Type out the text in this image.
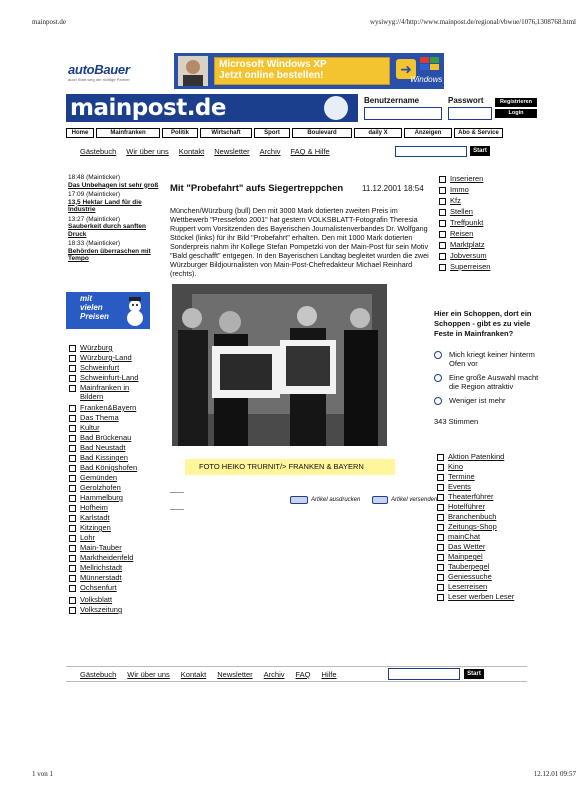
mainpost.de	wysiwyg://4/http://www.mainpost.de/regional/vbwue/1076,1308768.html
autoBauer
auch Start weg der richtige Partner
Microsoft Windows XP
Jetzt online bestellen!	➜
Windows
mainpost.de	Benutzername	Passwort	Registrieren
Login
Home	Mainfranken	Politik	Wirtschaft	Sport	Boulevard	daily X	Anzeigen	Abo & Service
Gästebuch Wir über uns Kontakt Newsletter Archiv FAQ & Hilfe	Start
18:48 (Mainticker)
Das Unbehagen ist sehr groß
17:09 (Mainticker)
13,5 Hektar Land für die Industrie
13:27 (Mainticker)
Sauberkeit durch sanften Druck
18:33 (Mainticker)
Behörden überraschen mit Tempo
mit
vielen
Preisen
Würzburg
Würzburg-Land
Schweinfurt
Schweinfurt-Land
Mainfranken in Bildern
Franken&Bayern
Das Thema
Kultur
Bad Brückenau
Bad Neustadt
Bad Kissingen
Bad Königshofen
Gemünden
Gerolzhofen
Hammelburg
Hofheim
Karlstadt
Kitzingen
Lohr
Main-Tauber
Marktheidenfeld
Mellrichstadt
Münnerstadt
Ochsenfurt
Volksblatt
Volkszeitung
Mit "Probefahrt" aufs Siegertreppchen 11.12.2001 18:54
München/Würzburg (bull) Den mit 3000 Mark dotierten zweiten Preis im Wettbewerb "Pressefoto 2001" hat gestern VOLKSBLATT-Fotografin Theresia Ruppert vom Vorsitzenden des Bayerischen Journalistenverbandes Dr. Wolfgang Stöckel (links) für ihr Bild "Probefahrt" erhalten. Den mit 1000 Mark dotierten Sonderpreis nahm ihr Kollege Stefan Pompetzki von der Main-Post für sein Motiv "Bald geschafft" entgegen. In den Bayerischen Landtag begleitet wurden die zwei Würzburger Bildjournalisten von Main-Post-Chefredakteur Michael Reinhard (rechts).
FOTO HEIKO TRURNIT/> FRANKEN & BAYERN
Artikel ausdrucken	Artikel versenden
Inserieren
Immo
Kfz
Stellen
Treffpunkt
Reisen
Marktplatz
Jobversum
Superreisen
Hier ein Schoppen, dort ein Schoppen - gibt es zu viele Feste in Mainfranken?
Mich kriegt keiner hinterm Ofen vor
Eine große Auswahl macht die Region attraktiv
Weniger ist mehr
343 Stimmen
Aktion Patenkind
Kino
Termine
Events
Theaterführer
Hotelführer
Branchenbuch
Zeitungs-Shop
mainChat
Das Wetter
Mainpegel
Tauberpegel
Geniessuche
Leserreisen
Leser werben Leser
Gästebuch Wir über uns Kontakt Newsletter Archiv FAQ Hilfe	Start
1 von 1	12.12.01 09:57
